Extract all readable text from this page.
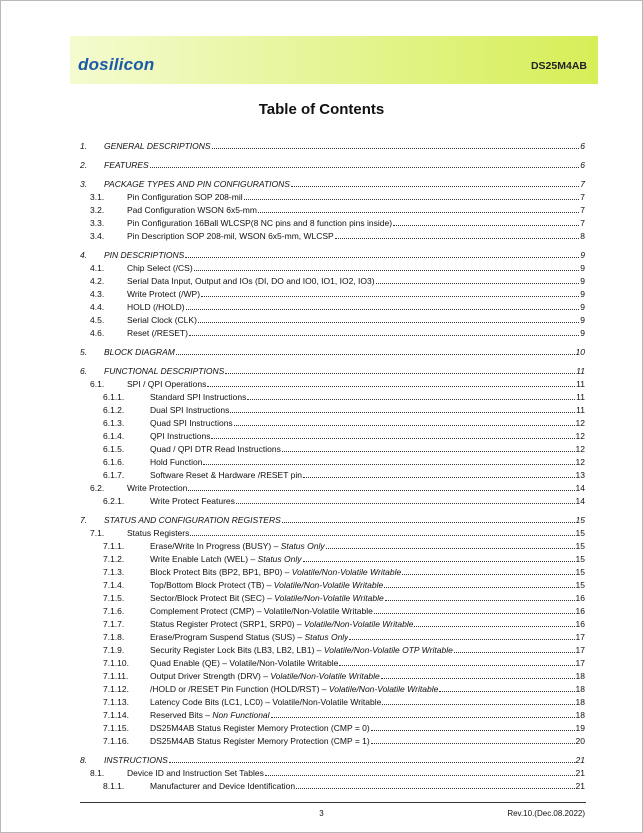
dosilicon	DS25M4AB
Table of Contents
1. GENERAL DESCRIPTIONS	6
2. FEATURES	6
3. PACKAGE TYPES AND PIN CONFIGURATIONS	7
3.1.	Pin Configuration SOP 208-mil	7
3.2.	Pad Configuration WSON 6x5-mm	7
3.3.	Pin Configuration 16Ball WLCSP(8 NC pins and 8 function pins inside)	7
3.4.	Pin Description SOP 208-mil, WSON 6x5-mm, WLCSP	8
4. PIN DESCRIPTIONS	9
4.1.	Chip Select (/CS)	9
4.2.	Serial Data Input, Output and IOs (DI, DO and IO0, IO1, IO2, IO3)	9
4.3.	Write Protect (/WP)	9
4.4.	HOLD (/HOLD)	9
4.5.	Serial Clock (CLK)	9
4.6.	Reset (/RESET)	9
5. BLOCK DIAGRAM	10
6. FUNCTIONAL DESCRIPTIONS	11
6.1.	SPI / QPI Operations	11
6.1.1.	Standard SPI Instructions	11
6.1.2.	Dual SPI Instructions	11
6.1.3.	Quad SPI Instructions	12
6.1.4.	QPI Instructions	12
6.1.5.	Quad / QPI DTR Read Instructions	12
6.1.6.	Hold Function	12
6.1.7.	Software Reset & Hardware /RESET pin	13
6.2.	Write Protection	14
6.2.1.	Write Protect Features	14
7. STATUS AND CONFIGURATION REGISTERS	15
7.1.	Status Registers	15
7.1.1.	Erase/Write In Progress (BUSY) – Status Only	15
7.1.2.	Write Enable Latch (WEL) – Status Only	15
7.1.3.	Block Protect Bits (BP2, BP1, BP0) – Volatile/Non-Volatile Writable	15
7.1.4.	Top/Bottom Block Protect (TB) – Volatile/Non-Volatile Writable	15
7.1.5.	Sector/Block Protect Bit (SEC) – Volatile/Non-Volatile Writable	16
7.1.6.	Complement Protect (CMP) – Volatile/Non-Volatile Writable	16
7.1.7.	Status Register Protect (SRP1, SRP0) – Volatile/Non-Volatile Writable	16
7.1.8.	Erase/Program Suspend Status (SUS) – Status Only	17
7.1.9.	Security Register Lock Bits (LB3, LB2, LB1) – Volatile/Non-Volatile OTP Writable	17
7.1.10. Quad Enable (QE) – Volatile/Non-Volatile Writable	17
7.1.11.	Output Driver Strength (DRV) – Volatile/Non-Volatile Writable	18
7.1.12. /HOLD or /RESET Pin Function (HOLD/RST) – Volatile/Non-Volatile Writable	18
7.1.13. Latency Code Bits (LC1, LC0) – Volatile/Non-Volatile Writable	18
7.1.14. Reserved Bits – Non Functional	18
7.1.15. DS25M4AB Status Register Memory Protection (CMP = 0)	19
7.1.16. DS25M4AB Status Register Memory Protection (CMP = 1)	20
8. INSTRUCTIONS	21
8.1.	Device ID and Instruction Set Tables	21
8.1.1.	Manufacturer and Device Identification	21
3	Rev.10.(Dec.08.2022)
